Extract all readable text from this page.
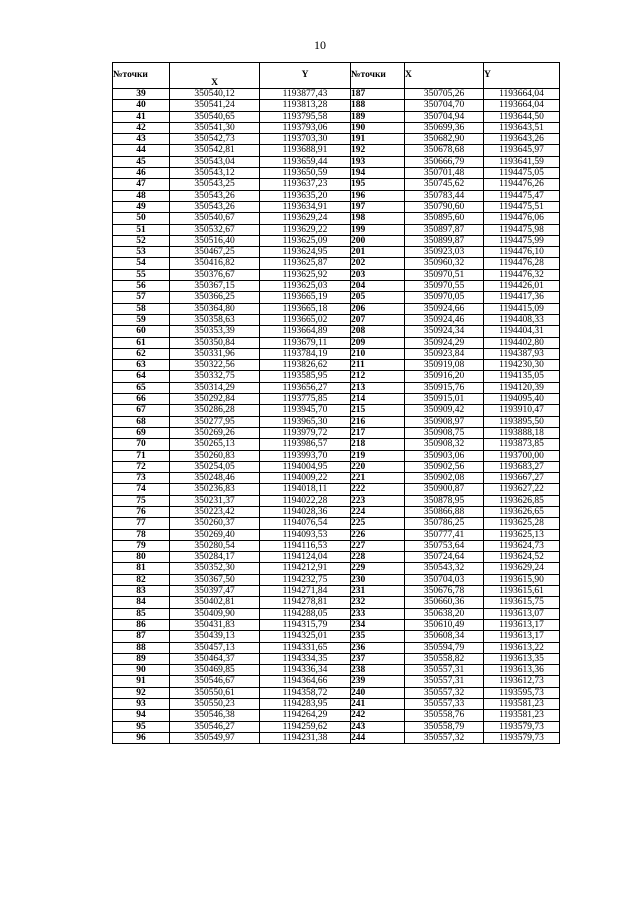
10
№точки	X	Y	№точки	X	Y
39	350540,12	1193877,43	187	350705,26	1193664,04
40	350541,24	1193813,28	188	350704,70	1193664,04
41	350540,65	1193795,58	189	350704,94	1193644,50
42	350541,30	1193793,06	190	350699,36	1193643,51
43	350542,73	1193703,30	191	350682,90	1193643,26
44	350542,81	1193688,91	192	350678,68	1193645,97
45	350543,04	1193659,44	193	350666,79	1193641,59
46	350543,12	1193650,59	194	350701,48	1194475,05
47	350543,25	1193637,23	195	350745,62	1194476,26
48	350543,26	1193635,20	196	350783,44	1194475,47
49	350543,26	1193634,91	197	350790,60	1194475,51
50	350540,67	1193629,24	198	350895,60	1194476,06
51	350532,67	1193629,22	199	350897,87	1194475,98
52	350516,40	1193625,09	200	350899,87	1194475,99
53	350467,25	1193624,95	201	350923,03	1194476,10
54	350416,82	1193625,87	202	350960,32	1194476,28
55	350376,67	1193625,92	203	350970,51	1194476,32
56	350367,15	1193625,03	204	350970,55	1194426,01
57	350366,25	1193665,19	205	350970,05	1194417,36
58	350364,80	1193665,18	206	350924,66	1194415,09
59	350358,63	1193665,02	207	350924,46	1194408,33
60	350353,39	1193664,89	208	350924,34	1194404,31
61	350350,84	1193679,11	209	350924,29	1194402,80
62	350331,96	1193784,19	210	350923,84	1194387,93
63	350322,56	1193826,62	211	350919,08	1194230,30
64	350332,75	1193585,95	212	350916,20	1194135,05
65	350314,29	1193656,27	213	350915,76	1194120,39
66	350292,84	1193775,85	214	350915,01	1194095,40
67	350286,28	1193945,70	215	350909,42	1193910,47
68	350277,95	1193965,30	216	350908,97	1193895,50
69	350269,26	1193979,72	217	350908,75	1193888,18
70	350265,13	1193986,57	218	350908,32	1193873,85
71	350260,83	1193993,70	219	350903,06	1193700,00
72	350254,05	1194004,95	220	350902,56	1193683,27
73	350248,46	1194009,22	221	350902,08	1193667,27
74	350236,83	1194018,11	222	350900,87	1193627,22
75	350231,37	1194022,28	223	350878,95	1193626,85
76	350223,42	1194028,36	224	350866,88	1193626,65
77	350260,37	1194076,54	225	350786,25	1193625,28
78	350269,40	1194093,53	226	350777,41	1193625,13
79	350280,54	1194116,53	227	350753,64	1193624,73
80	350284,17	1194124,04	228	350724,64	1193624,52
81	350352,30	1194212,91	229	350543,32	1193629,24
82	350367,50	1194232,75	230	350704,03	1193615,90
83	350397,47	1194271,84	231	350676,78	1193615,61
84	350402,81	1194278,81	232	350660,36	1193615,75
85	350409,90	1194288,05	233	350638,20	1193613,07
86	350431,83	1194315,79	234	350610,49	1193613,17
87	350439,13	1194325,01	235	350608,34	1193613,17
88	350457,13	1194331,65	236	350594,79	1193613,22
89	350464,37	1194334,35	237	350558,82	1193613,35
90	350469,85	1194336,34	238	350557,31	1193613,36
91	350546,67	1194364,66	239	350557,31	1193612,73
92	350550,61	1194358,72	240	350557,32	1193595,73
93	350550,23	1194283,95	241	350557,33	1193581,23
94	350546,38	1194264,29	242	350558,76	1193581,23
95	350546,27	1194259,62	243	350558,79	1193579,73
96	350549,97	1194231,38	244	350557,32	1193579,73
